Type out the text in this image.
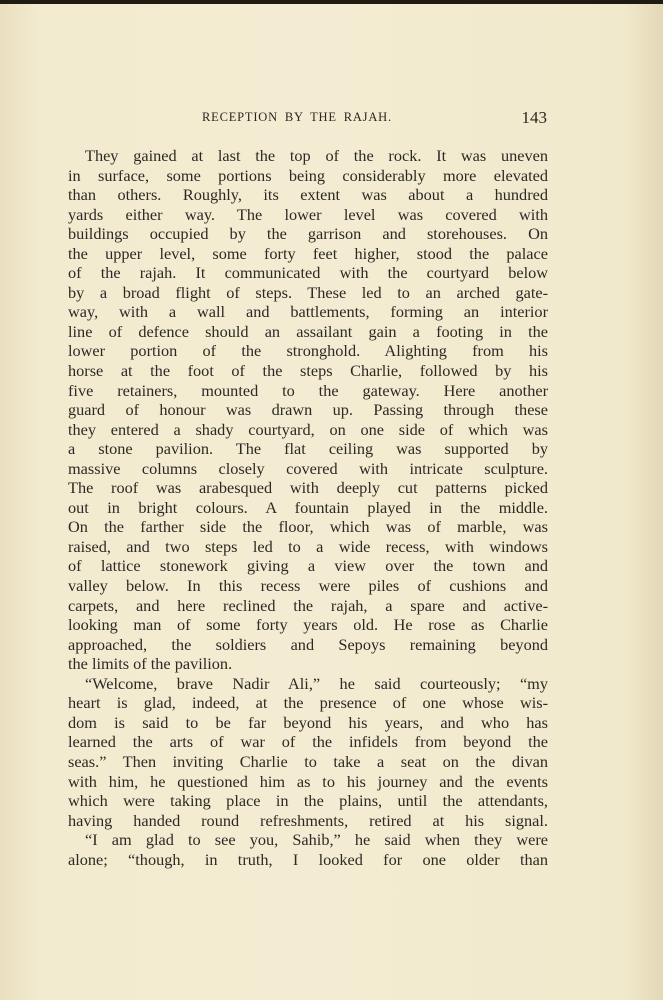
RECEPTION BY THE RAJAH.	143
They gained at last the top of the rock. It was uneven
in surface, some portions being considerably more elevated
than others. Roughly, its extent was about a hundred
yards either way. The lower level was covered with
buildings occupied by the garrison and storehouses. On
the upper level, some forty feet higher, stood the palace
of the rajah. It communicated with the courtyard below
by a broad flight of steps. These led to an arched gate-
way, with a wall and battlements, forming an interior
line of defence should an assailant gain a footing in the
lower portion of the stronghold. Alighting from his
horse at the foot of the steps Charlie, followed by his
five retainers, mounted to the gateway. Here another
guard of honour was drawn up. Passing through these
they entered a shady courtyard, on one side of which was
a stone pavilion. The flat ceiling was supported by
massive columns closely covered with intricate sculpture.
The roof was arabesqued with deeply cut patterns picked
out in bright colours. A fountain played in the middle.
On the farther side the floor, which was of marble, was
raised, and two steps led to a wide recess, with windows
of lattice stonework giving a view over the town and
valley below. In this recess were piles of cushions and
carpets, and here reclined the rajah, a spare and active-
looking man of some forty years old. He rose as Charlie
approached, the soldiers and Sepoys remaining beyond
the limits of the pavilion.
“Welcome, brave Nadir Ali,” he said courteously; “my
heart is glad, indeed, at the presence of one whose wis-
dom is said to be far beyond his years, and who has
learned the arts of war of the infidels from beyond the
seas.” Then inviting Charlie to take a seat on the divan
with him, he questioned him as to his journey and the events
which were taking place in the plains, until the attendants,
having handed round refreshments, retired at his signal.
“I am glad to see you, Sahib,” he said when they were
alone; “though, in truth, I looked for one older than
